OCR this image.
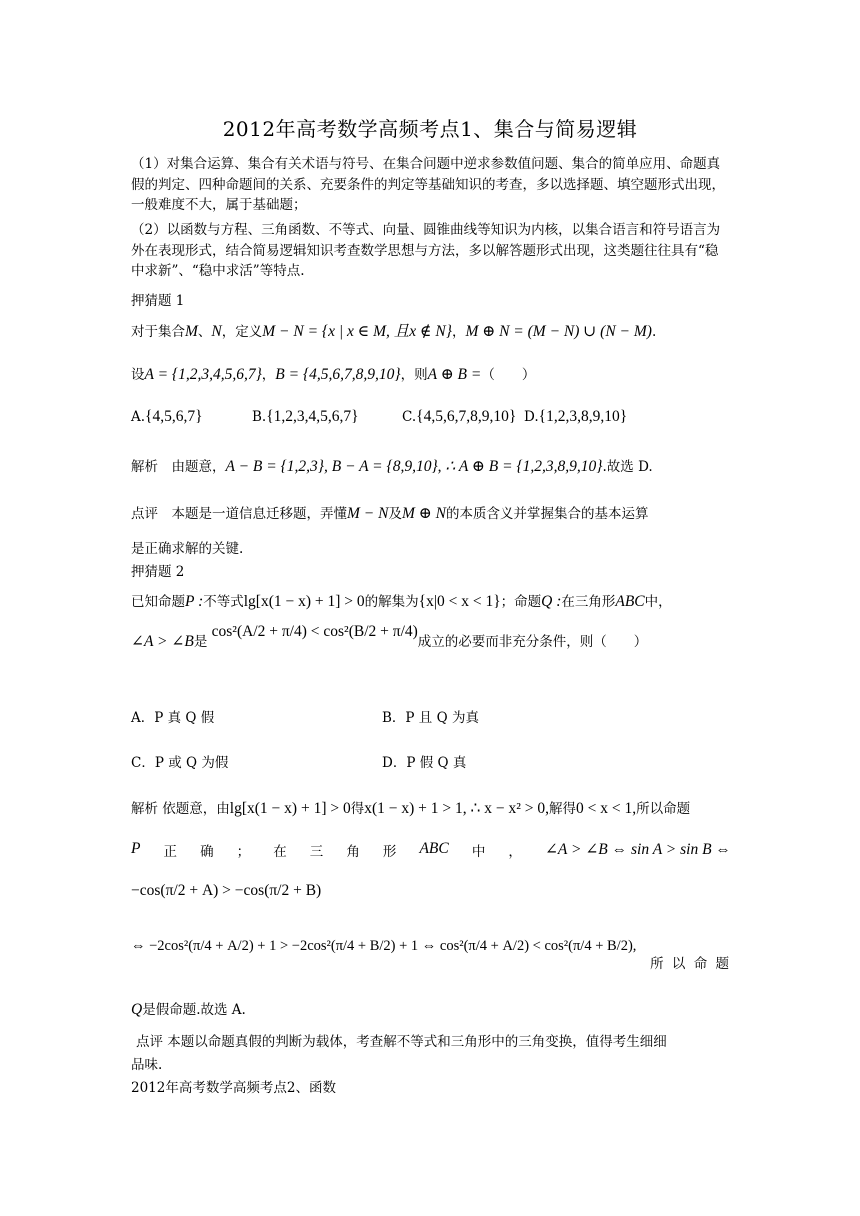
2012年高考数学高频考点1、集合与简易逻辑
（1）对集合运算、集合有关术语与符号、在集合问题中逆求参数值问题、集合的简单应用、命题真假的判定、四种命题间的关系、充要条件的判定等基础知识的考查，多以选择题、填空题形式出现，一般难度不大，属于基础题；
（2）以函数与方程、三角函数、不等式、向量、圆锥曲线等知识为内核，以集合语言和符号语言为外在表现形式，结合简易逻辑知识考查数学思想与方法，多以解答题形式出现，这类题往往具有“稳中求新”、“稳中求活”等特点.
押猜题 1
对于集合M、N，定义M − N = {x | x ∈ M, 且x ∉ N}，M ⊕ N = (M − N) ∪ (N − M).
设A = {1,2,3,4,5,6,7}，B = {4,5,6,7,8,9,10}，则A ⊕ B =（　　）
A.{4,5,6,7}	B.{1,2,3,4,5,6,7}	C.{4,5,6,7,8,9,10} D.{1,2,3,8,9,10}
解析　由题意，A − B = {1,2,3}, B − A = {8,9,10}, ∴ A ⊕ B = {1,2,3,8,9,10}.故选 D.
点评　本题是一道信息迁移题，弄懂M − N及M ⊕ N的本质含义并掌握集合的基本运算
是正确求解的关键.
押猜题 2
已知命题P :不等式lg[x(1 − x) + 1] > 0的解集为{x|0 < x < 1}；命题Q :在三角形ABC中，
∠A > ∠B是 cos²(A/2 + π/4) < cos²(B/2 + π/4)成立的必要而非充分条件，则（　　）
A．P 真 Q 假	B．P 且 Q 为真
C．P 或 Q 为假	D．P 假 Q 真
解析 依题意，由lg[x(1 − x) + 1] > 0得x(1 − x) + 1 > 1, ∴ x − x² > 0,解得0 < x < 1,所以命题
P 正 确 ； 在 三 角 形 ABC 中 ， ∠A > ∠B ⇔ sin A > sin B ⇔
−cos(π/2 + A) > −cos(π/2 + B)
⇔ −2cos²(π/4 + A/2) + 1 > −2cos²(π/4 + B/2) + 1 ⇔ cos²(π/4 + A/2) < cos²(π/4 + B/2),
所 以 命 题
Q是假命题.故选 A.
点评 本题以命题真假的判断为载体，考查解不等式和三角形中的三角变换，值得考生细细
品味.
2012年高考数学高频考点2、函数
